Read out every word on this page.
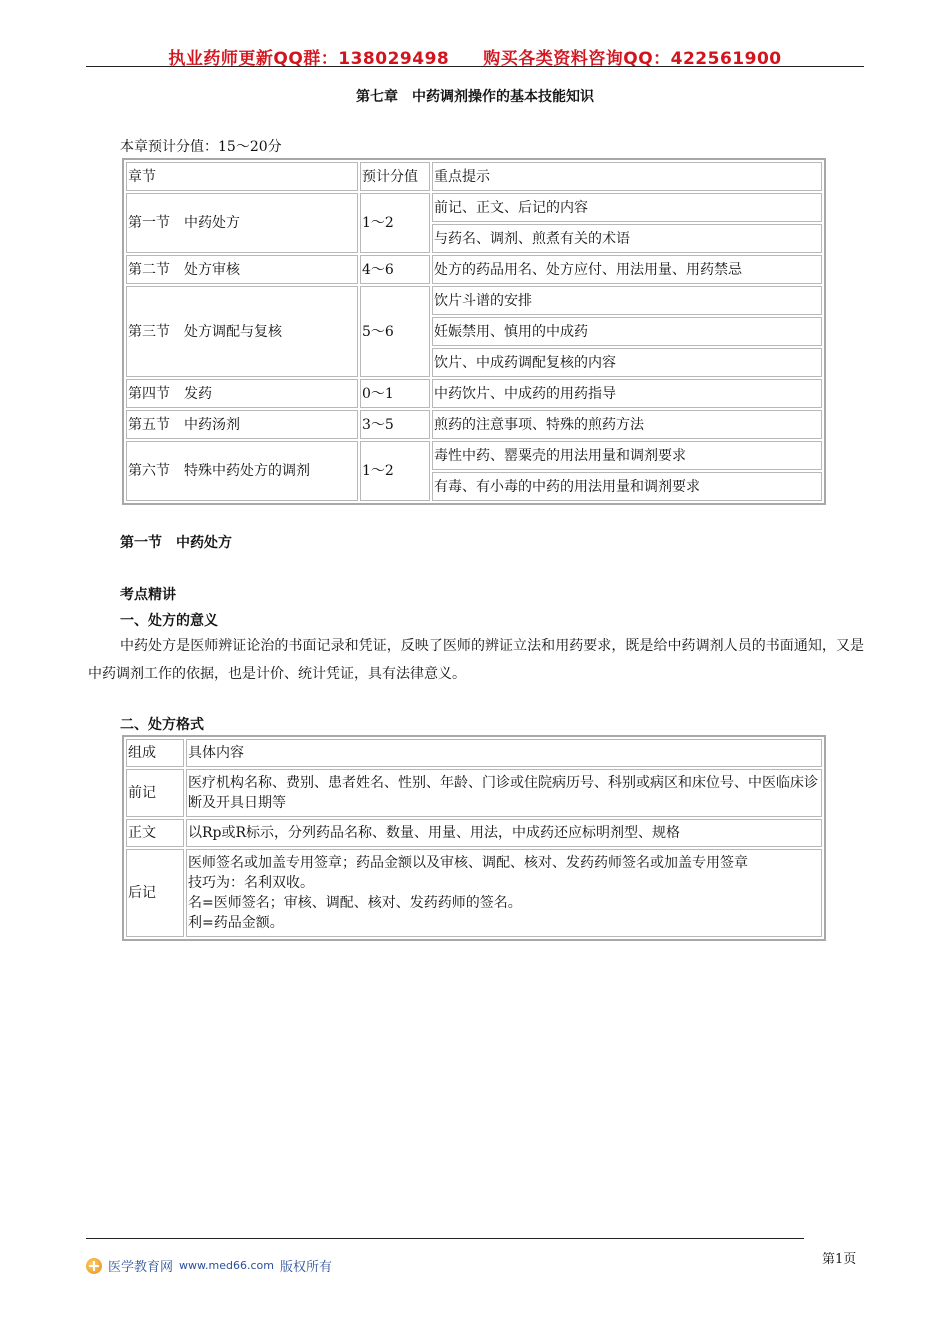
执业药师更新QQ群：138029498 购买各类资料咨询QQ：422561900
第七章　中药调剂操作的基本技能知识
本章预计分值：15～20分
章节	预计分值	重点提示
第一节　中药处方	1～2	前记、正文、后记的内容
		与药名、调剂、煎煮有关的术语
第二节　处方审核	4～6	处方的药品用名、处方应付、用法用量、用药禁忌
第三节　处方调配与复核	5～6	饮片斗谱的安排
		妊娠禁用、慎用的中成药
		饮片、中成药调配复核的内容
第四节　发药	0～1	中药饮片、中成药的用药指导
第五节　中药汤剂	3～5	煎药的注意事项、特殊的煎药方法
第六节　特殊中药处方的调剂	1～2	毒性中药、罂粟壳的用法用量和调剂要求
		有毒、有小毒的中药的用法用量和调剂要求
第一节　中药处方
考点精讲
一、处方的意义
中药处方是医师辨证论治的书面记录和凭证，反映了医师的辨证立法和用药要求，既是给中药调剂人员的书面通知，又是中药调剂工作的依据，也是计价、统计凭证，具有法律意义。
二、处方格式
组成	具体内容
前记	医疗机构名称、费别、患者姓名、性别、年龄、门诊或住院病历号、科别或病区和床位号、中医临床诊断及开具日期等
正文	以Rp或R标示，分列药品名称、数量、用量、用法，中成药还应标明剂型、规格
后记	医师签名或加盖专用签章；药品金额以及审核、调配、核对、发药药师签名或加盖专用签章
技巧为：名利双收。
名=医师签名；审核、调配、核对、发药药师的签名。
利=药品金额。
医学教育网 www.med66.com 版权所有
第1页
